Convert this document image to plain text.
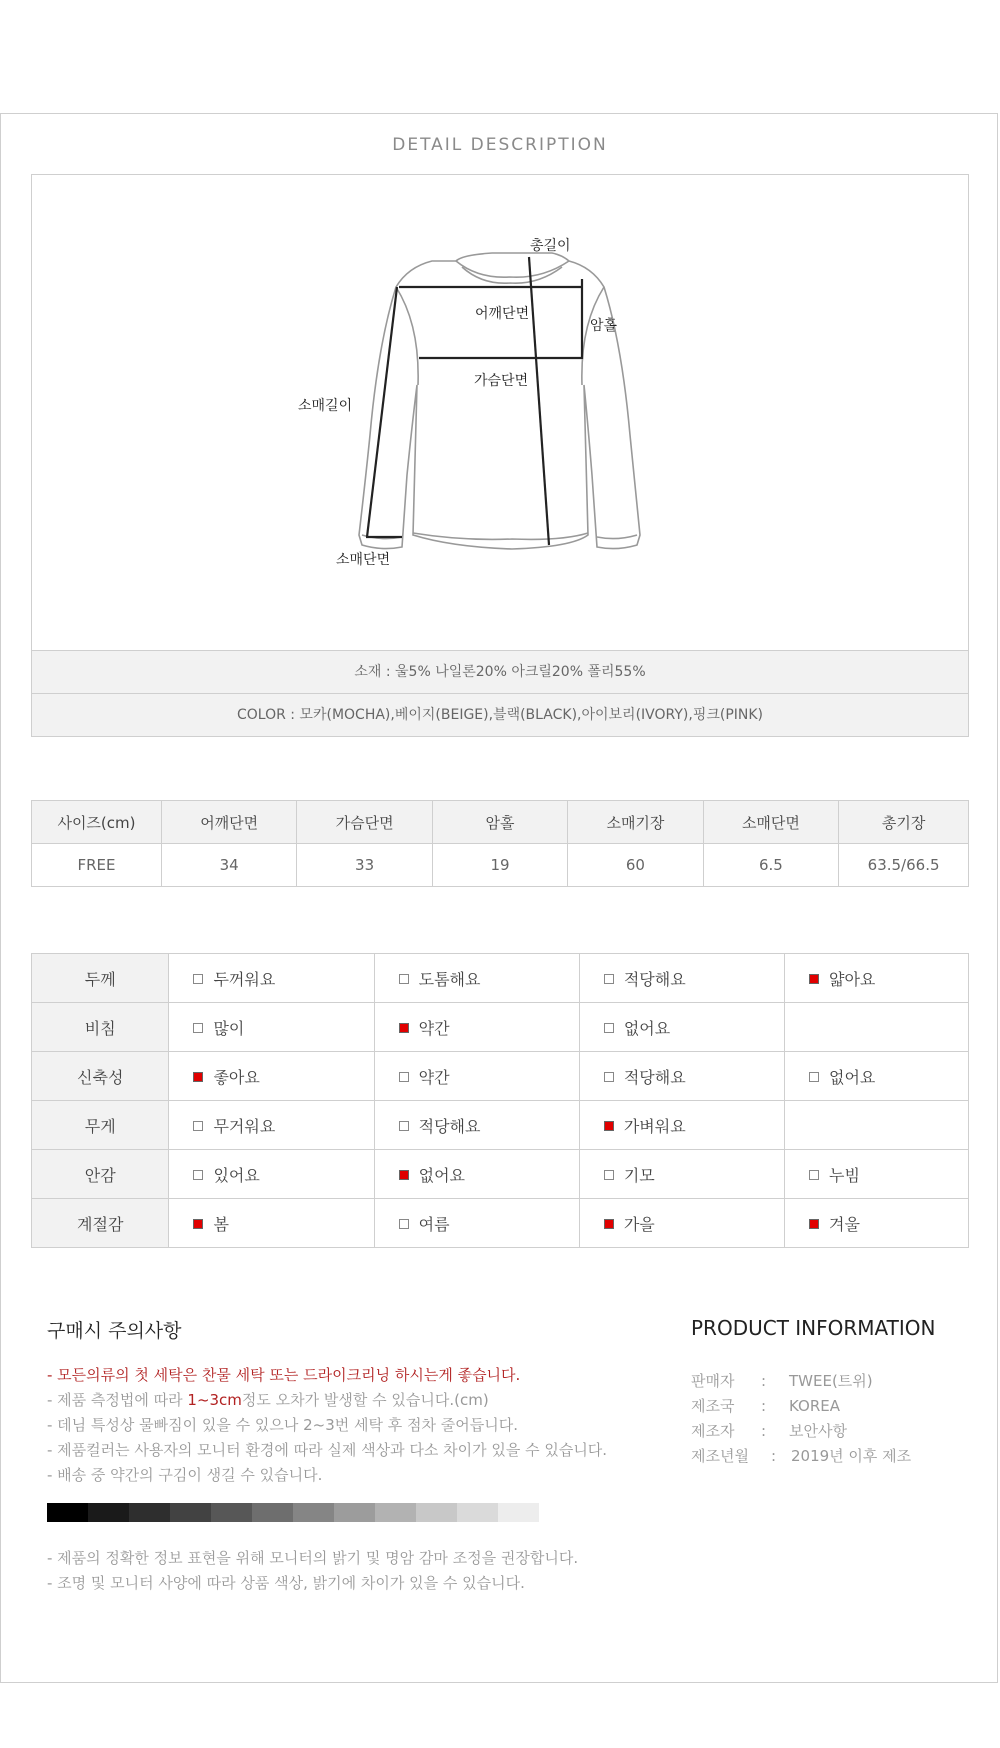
DETAIL DESCRIPTION
총길이
어깨단면
암홀
가슴단면
소매길이
소매단면
소재 : 울5% 나일론20% 아크릴20% 폴리55%
COLOR : 모카(MOCHA),베이지(BEIGE),블랙(BLACK),아이보리(IVORY),핑크(PINK)
사이즈(cm)	어깨단면	가슴단면	암홀	소매기장	소매단면	총기장
FREE	34	33	19	60	6.5	63.5/66.5
두께	두꺼워요	도톰해요	적당해요	얇아요
비침	많이	약간	없어요	
신축성	좋아요	약간	적당해요	없어요
무게	무거워요	적당해요	가벼워요	
안감	있어요	없어요	기모	누빔
계절감	봄	여름	가을	겨울
구매시 주의사항
- 모든의류의 첫 세탁은 찬물 세탁 또는 드라이크리닝 하시는게 좋습니다.
- 제품 측정법에 따라 1~3cm정도 오차가 발생할 수 있습니다.(cm)
- 데님 특성상 물빠짐이 있을 수 있으나 2~3번 세탁 후 점차 줄어듭니다.
- 제품컬러는 사용자의 모니터 환경에 따라 실제 색상과 다소 차이가 있을 수 있습니다.
- 배송 중 약간의 구김이 생길 수 있습니다.
- 제품의 정확한 정보 표현을 위해 모니터의 밝기 및 명암 감마 조정을 권장합니다.
- 조명 및 모니터 사양에 따라 상품 색상, 밝기에 차이가 있을 수 있습니다.
PRODUCT INFORMATION
판매자 : TWEE(트위)
제조국 : KOREA
제조자 : 보안사항
제조년월 : 2019년 이후 제조
